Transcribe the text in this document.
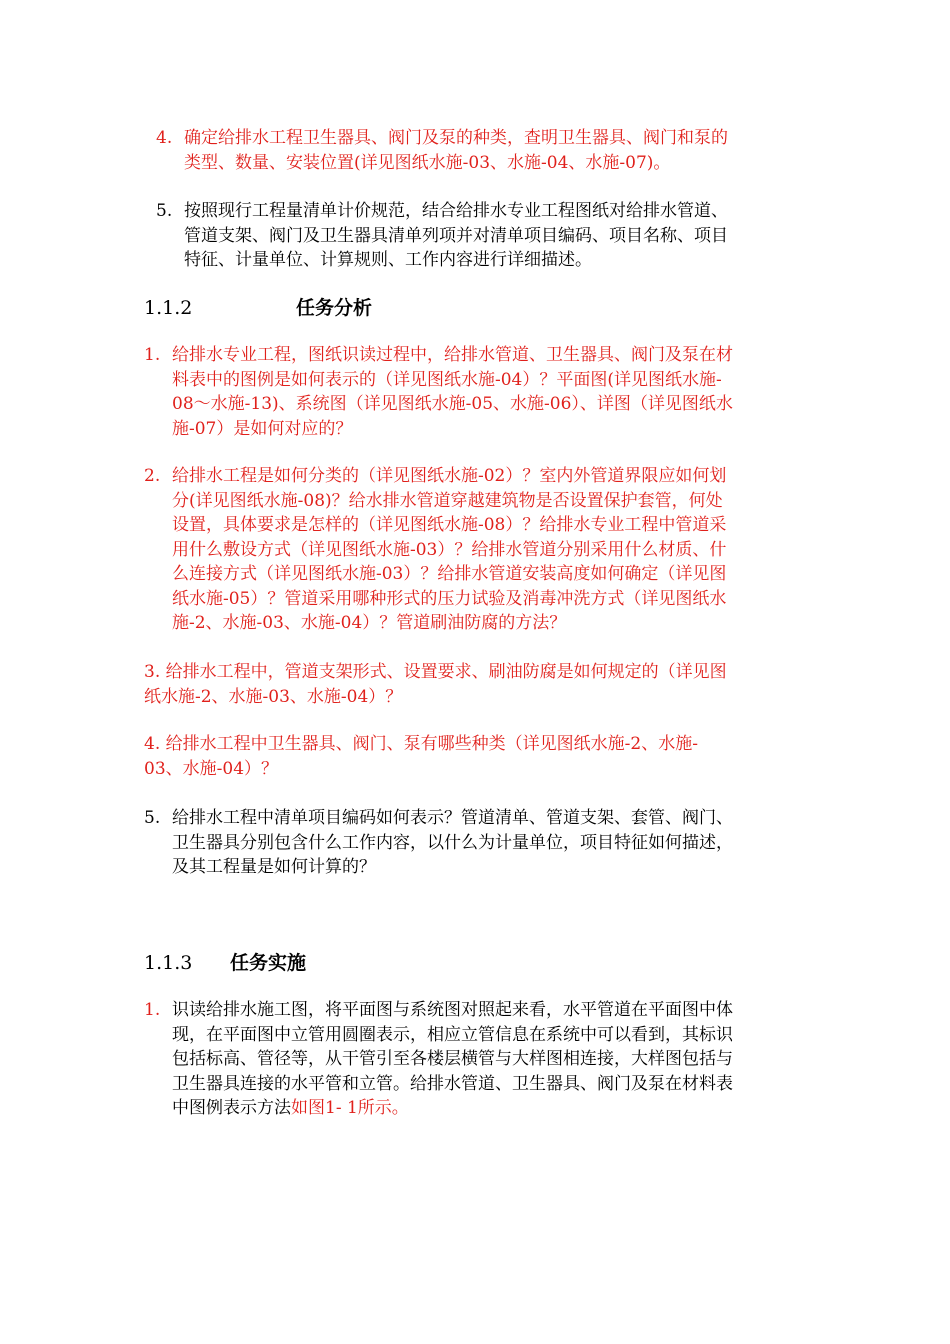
4. 确定给排水工程卫生器具、阀门及泵的种类，查明卫生器具、阀门和泵的
类型、数量、安装位置(详见图纸水施-03、水施-04、水施-07)。
5. 按照现行工程量清单计价规范，结合给排水专业工程图纸对给排水管道、
管道支架、阀门及卫生器具清单列项并对清单项目编码、项目名称、项目
特征、计量单位、计算规则、工作内容进行详细描述。
1.1.2	任务分析
1. 给排水专业工程，图纸识读过程中，给排水管道、卫生器具、阀门及泵在材
料表中的图例是如何表示的（详见图纸水施-04）？平面图(详见图纸水施-
08～水施-13)、系统图（详见图纸水施-05、水施-06）、详图（详见图纸水
施-07）是如何对应的？
2. 给排水工程是如何分类的（详见图纸水施-02）？室内外管道界限应如何划
分(详见图纸水施-08)？给水排水管道穿越建筑物是否设置保护套管，何处
设置，具体要求是怎样的（详见图纸水施-08）？给排水专业工程中管道采
用什么敷设方式（详见图纸水施-03）？给排水管道分别采用什么材质、什
么连接方式（详见图纸水施-03）？给排水管道安装高度如何确定（详见图
纸水施-05）？管道采用哪种形式的压力试验及消毒冲洗方式（详见图纸水
施-2、水施-03、水施-04）？管道刷油防腐的方法？
3. 给排水工程中，管道支架形式、设置要求、刷油防腐是如何规定的（详见图
纸水施-2、水施-03、水施-04）？
4. 给排水工程中卫生器具、阀门、泵有哪些种类（详见图纸水施-2、水施-
03、水施-04）？
5. 给排水工程中清单项目编码如何表示？管道清单、管道支架、套管、阀门、
卫生器具分别包含什么工作内容，以什么为计量单位，项目特征如何描述，
及其工程量是如何计算的？
1.1.3 任务实施
1. 识读给排水施工图，将平面图与系统图对照起来看，水平管道在平面图中体
现，在平面图中立管用圆圈表示，相应立管信息在系统中可以看到，其标识
包括标高、管径等，从干管引至各楼层横管与大样图相连接，大样图包括与
卫生器具连接的水平管和立管。给排水管道、卫生器具、阀门及泵在材料表
中图例表示方法如图1- 1所示。
